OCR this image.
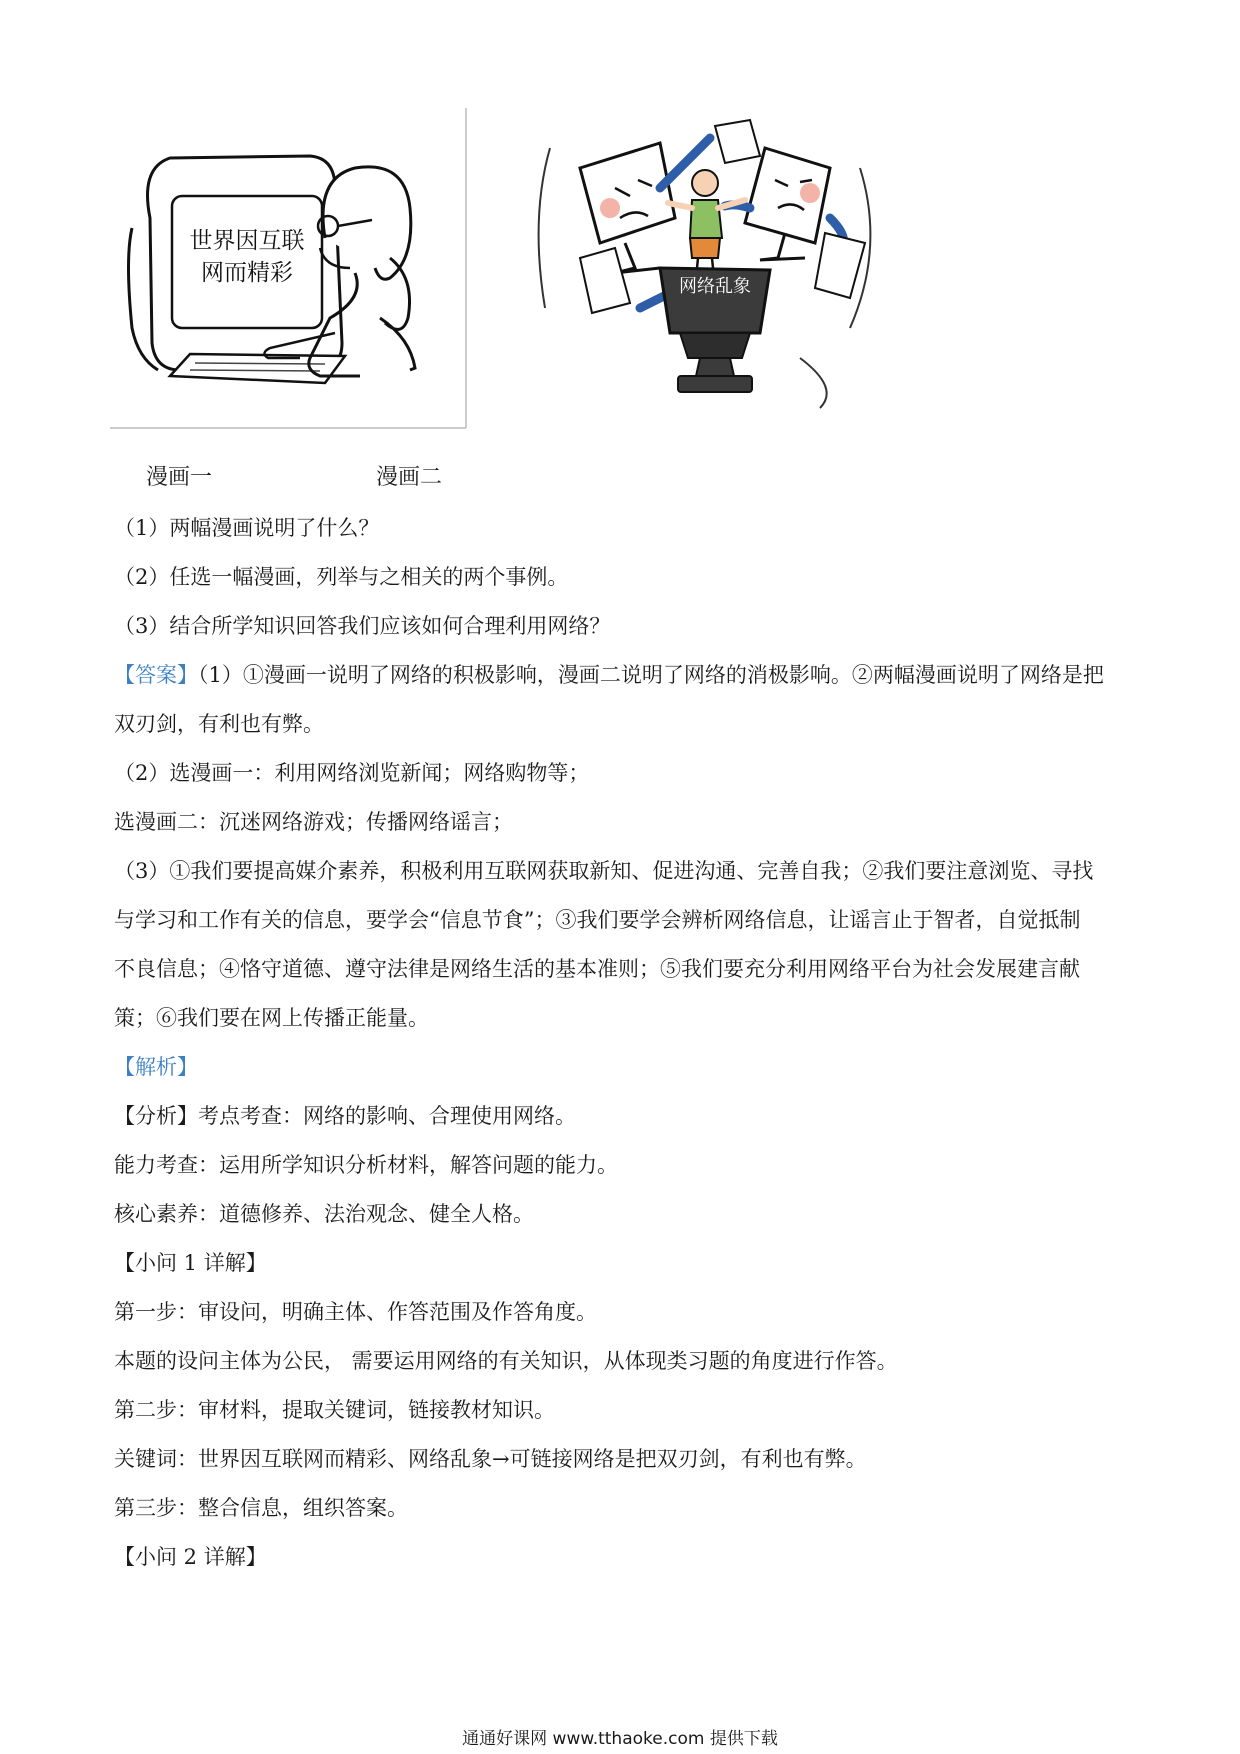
世界因互联
网而精彩
网络乱象
漫画一	漫画二

（1）两幅漫画说明了什么？

（2）任选一幅漫画，列举与之相关的两个事例。

（3）结合所学知识回答我们应该如何合理利用网络？

【答案】（1）①漫画一说明了网络的积极影响，漫画二说明了网络的消极影响。②两幅漫画说明了网络是把

双刃剑，有利也有弊。

（2）选漫画一：利用网络浏览新闻；网络购物等；

选漫画二：沉迷网络游戏；传播网络谣言；

（3）①我们要提高媒介素养，积极利用互联网获取新知、促进沟通、完善自我；②我们要注意浏览、寻找

与学习和工作有关的信息，要学会“信息节食”；③我们要学会辨析网络信息，让谣言止于智者，自觉抵制

不良信息；④恪守道德、遵守法律是网络生活的基本准则；⑤我们要充分利用网络平台为社会发展建言献

策；⑥我们要在网上传播正能量。

【解析】

【分析】考点考查：网络的影响、合理使用网络。

能力考查：运用所学知识分析材料，解答问题的能力。

核心素养：道德修养、法治观念、健全人格。

【小问 1 详解】

第一步：审设问，明确主体、作答范围及作答角度。

本题的设问主体为公民， 需要运用网络的有关知识，从体现类习题的角度进行作答。

第二步：审材料，提取关键词，链接教材知识。

关键词：世界因互联网而精彩、网络乱象→可链接网络是把双刃剑，有利也有弊。

第三步：整合信息，组织答案。

【小问 2 详解】

通通好课网 www.tthaoke.com 提供下载
